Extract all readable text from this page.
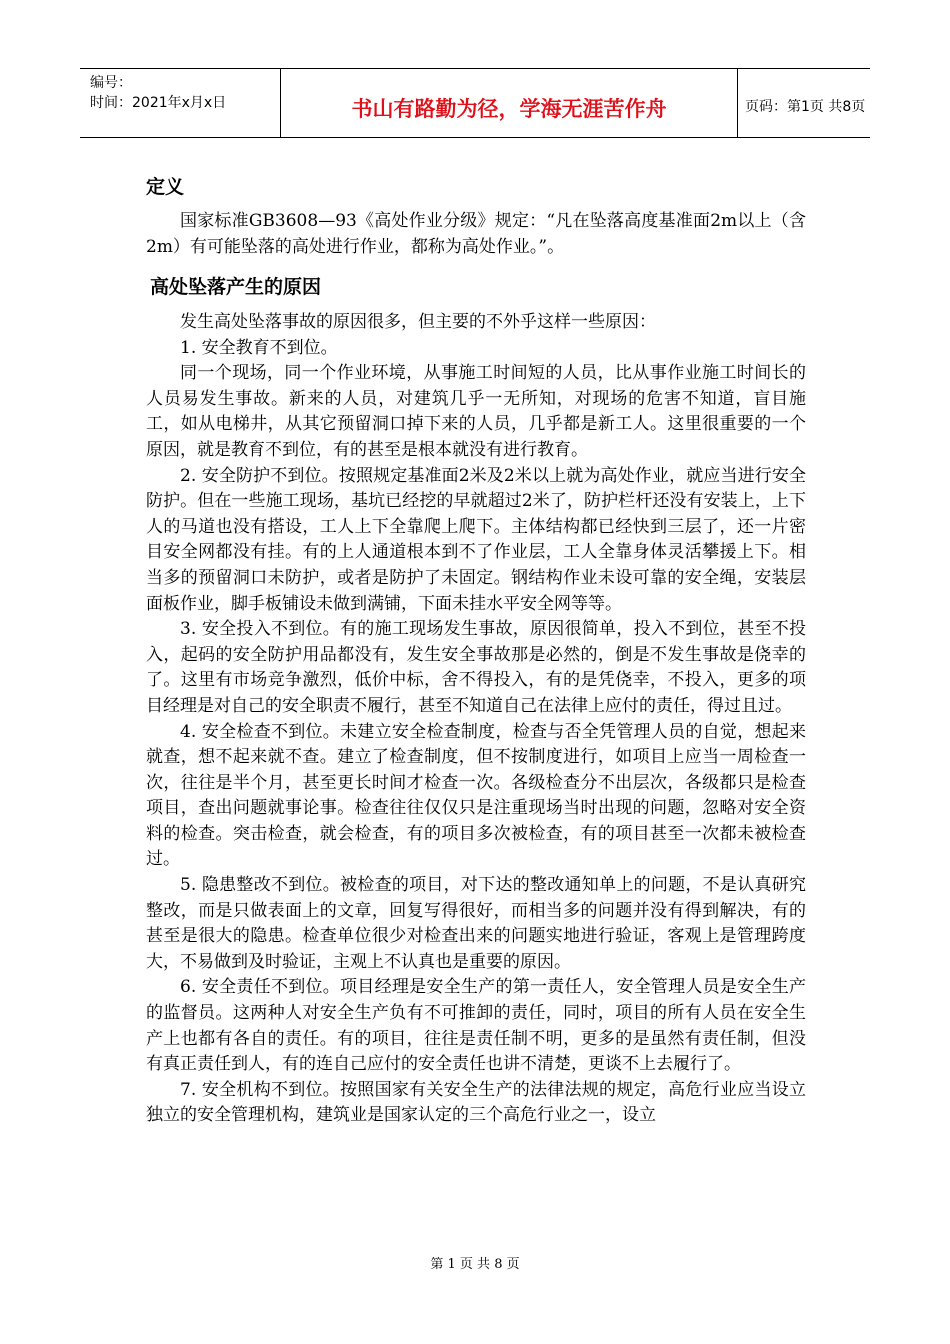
编号：
时间：2021年x月x日	书山有路勤为径，学海无涯苦作舟	页码：第1页 共8页
定义

国家标准GB3608—93《高处作业分级》规定：“凡在坠落高度基准面2m以上（含2m）有可能坠落的高处进行作业，都称为高处作业。”。

高处坠落产生的原因

发生高处坠落事故的原因很多，但主要的不外乎这样一些原因：

1. 安全教育不到位。

同一个现场，同一个作业环境，从事施工时间短的人员，比从事作业施工时间长的人员易发生事故。新来的人员，对建筑几乎一无所知，对现场的危害不知道，盲目施工，如从电梯井，从其它预留洞口掉下来的人员，几乎都是新工人。这里很重要的一个原因，就是教育不到位，有的甚至是根本就没有进行教育。

2. 安全防护不到位。按照规定基准面2米及2米以上就为高处作业，就应当进行安全防护。但在一些施工现场，基坑已经挖的早就超过2米了，防护栏杆还没有安装上，上下人的马道也没有搭设，工人上下全靠爬上爬下。主体结构都已经快到三层了，还一片密目安全网都没有挂。有的上人通道根本到不了作业层，工人全靠身体灵活攀援上下。相当多的预留洞口未防护，或者是防护了未固定。钢结构作业未设可靠的安全绳，安装层面板作业，脚手板铺设未做到满铺，下面未挂水平安全网等等。

3. 安全投入不到位。有的施工现场发生事故，原因很简单，投入不到位，甚至不投入，起码的安全防护用品都没有，发生安全事故那是必然的，倒是不发生事故是侥幸的了。这里有市场竞争激烈，低价中标，舍不得投入，有的是凭侥幸，不投入，更多的项目经理是对自己的安全职责不履行，甚至不知道自己在法律上应付的责任，得过且过。

4. 安全检查不到位。未建立安全检查制度，检查与否全凭管理人员的自觉，想起来就查，想不起来就不查。建立了检查制度，但不按制度进行，如项目上应当一周检查一次，往往是半个月，甚至更长时间才检查一次。各级检查分不出层次，各级都只是检查项目，查出问题就事论事。检查往往仅仅只是注重现场当时出现的问题，忽略对安全资料的检查。突击检查，就会检查，有的项目多次被检查，有的项目甚至一次都未被检查过。

5. 隐患整改不到位。被检查的项目，对下达的整改通知单上的问题，不是认真研究整改，而是只做表面上的文章，回复写得很好，而相当多的问题并没有得到解决，有的甚至是很大的隐患。检查单位很少对检查出来的问题实地进行验证，客观上是管理跨度大，不易做到及时验证，主观上不认真也是重要的原因。

6. 安全责任不到位。项目经理是安全生产的第一责任人，安全管理人员是安全生产的监督员。这两种人对安全生产负有不可推卸的责任，同时，项目的所有人员在安全生产上也都有各自的责任。有的项目，往往是责任制不明，更多的是虽然有责任制，但没有真正责任到人，有的连自己应付的安全责任也讲不清楚，更谈不上去履行了。

7. 安全机构不到位。按照国家有关安全生产的法律法规的规定，高危行业应当设立独立的安全管理机构，建筑业是国家认定的三个高危行业之一，设立

第 1 页 共 8 页
